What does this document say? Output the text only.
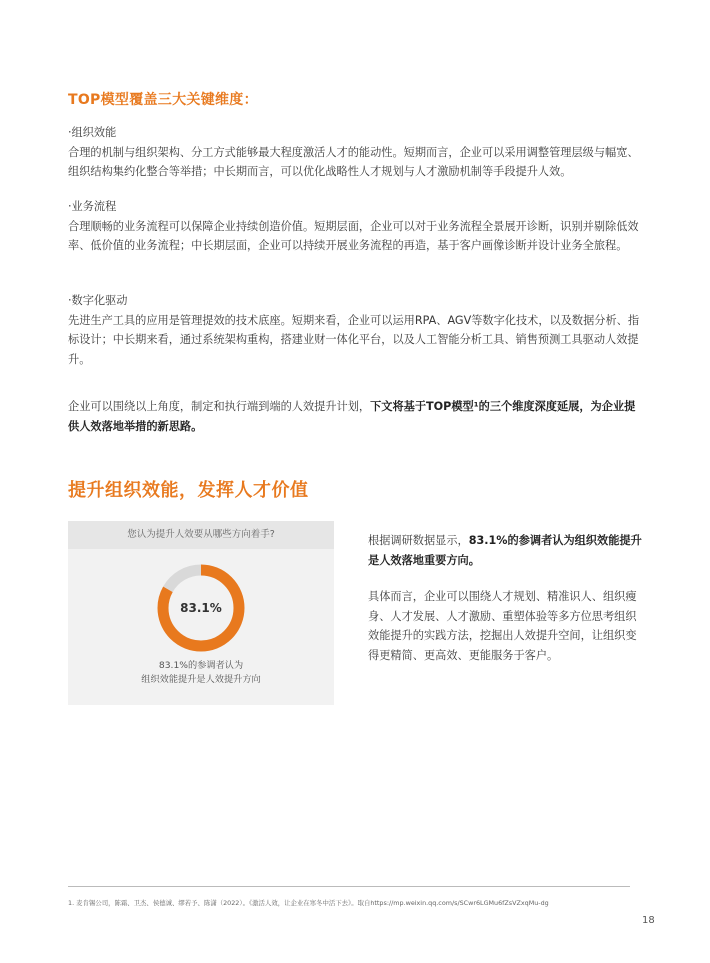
TOP模型覆盖三大关键维度：

·组织效能

合理的机制与组织架构、分工方式能够最大程度激活人才的能动性。短期而言，企业可以采用调整管理层级与幅宽、组织结构集约化整合等举措；中长期而言，可以优化战略性人才规划与人才激励机制等手段提升人效。

·业务流程

合理顺畅的业务流程可以保障企业持续创造价值。短期层面，企业可以对于业务流程全景展开诊断，识别并剔除低效率、低价值的业务流程；中长期层面，企业可以持续开展业务流程的再造，基于客户画像诊断并设计业务全旅程。

·数字化驱动

先进生产工具的应用是管理提效的技术底座。短期来看，企业可以运用RPA、AGV等数字化技术，以及数据分析、指标设计；中长期来看，通过系统架构重构，搭建业财一体化平台，以及人工智能分析工具、销售预测工具驱动人效提升。

企业可以围绕以上角度，制定和执行端到端的人效提升计划，下文将基于TOP模型¹的三个维度深度延展，为企业提供人效落地举措的新思路。
提升组织效能，发挥人才价值
您认为提升人效要从哪些方向着手?
83.1%
83.1%的参调者认为
组织效能提升是人效提升方向
根据调研数据显示，83.1%的参调者认为组织效能提升是人效落地重要方向。
具体而言，企业可以围绕人才规划、精准识人、组织瘦身、人才发展、人才激励、重塑体验等多方位思考组织效能提升的实践方法，挖掘出人效提升空间，让组织变得更精简、更高效、更能服务于客户。
1. 麦肯锡公司，陈霜、卫杰、侯德诚、缪若予、陈潇（2022）。《激活人效，让企业在寒冬中活下去》。取自https://mp.weixin.qq.com/s/SCwr6LGMu6fZsVZxqMu-dg
18
